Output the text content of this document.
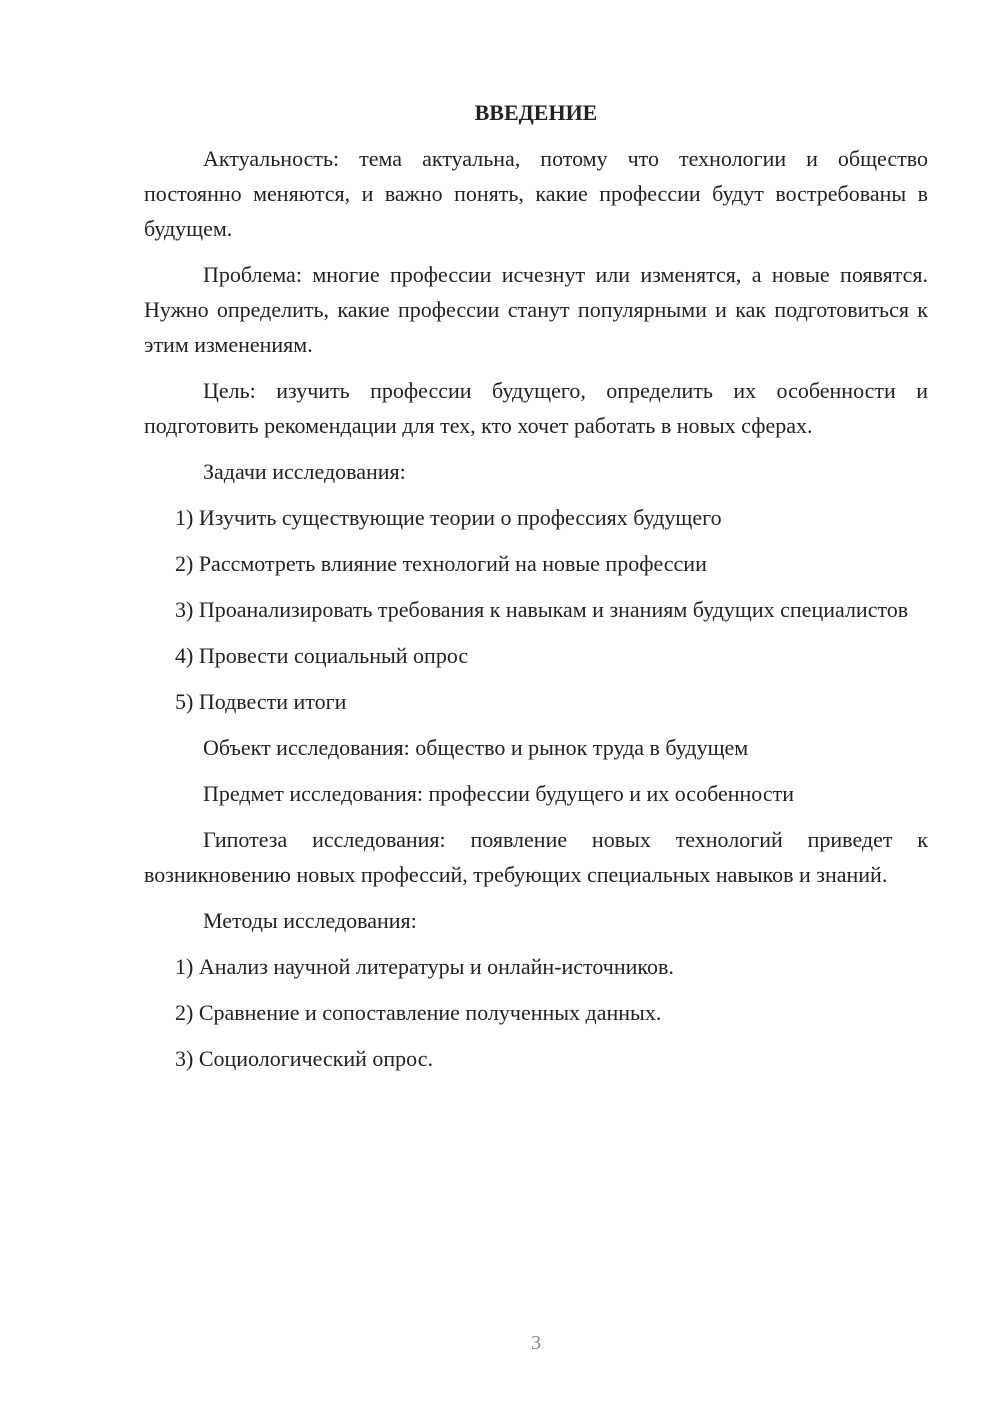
ВВЕДЕНИЕ

Актуальность: тема актуальна, потому что технологии и общество постоянно меняются, и важно понять, какие профессии будут востребованы в будущем.

Проблема: многие профессии исчезнут или изменятся, а новые появятся. Нужно определить, какие профессии станут популярными и как подготовиться к этим изменениям.

Цель: изучить профессии будущего, определить их особенности и подготовить рекомендации для тех, кто хочет работать в новых сферах.

Задачи исследования:

1) Изучить существующие теории о профессиях будущего

2) Рассмотреть влияние технологий на новые профессии

3) Проанализировать требования к навыкам и знаниям будущих специалистов

4) Провести социальный опрос

5) Подвести итоги

Объект исследования: общество и рынок труда в будущем

Предмет исследования: профессии будущего и их особенности

Гипотеза исследования: появление новых технологий приведет к возникновению новых профессий, требующих специальных навыков и знаний.

Методы исследования:

1) Анализ научной литературы и онлайн-источников.

2) Сравнение и сопоставление полученных данных.

3) Социологический опрос.

3
